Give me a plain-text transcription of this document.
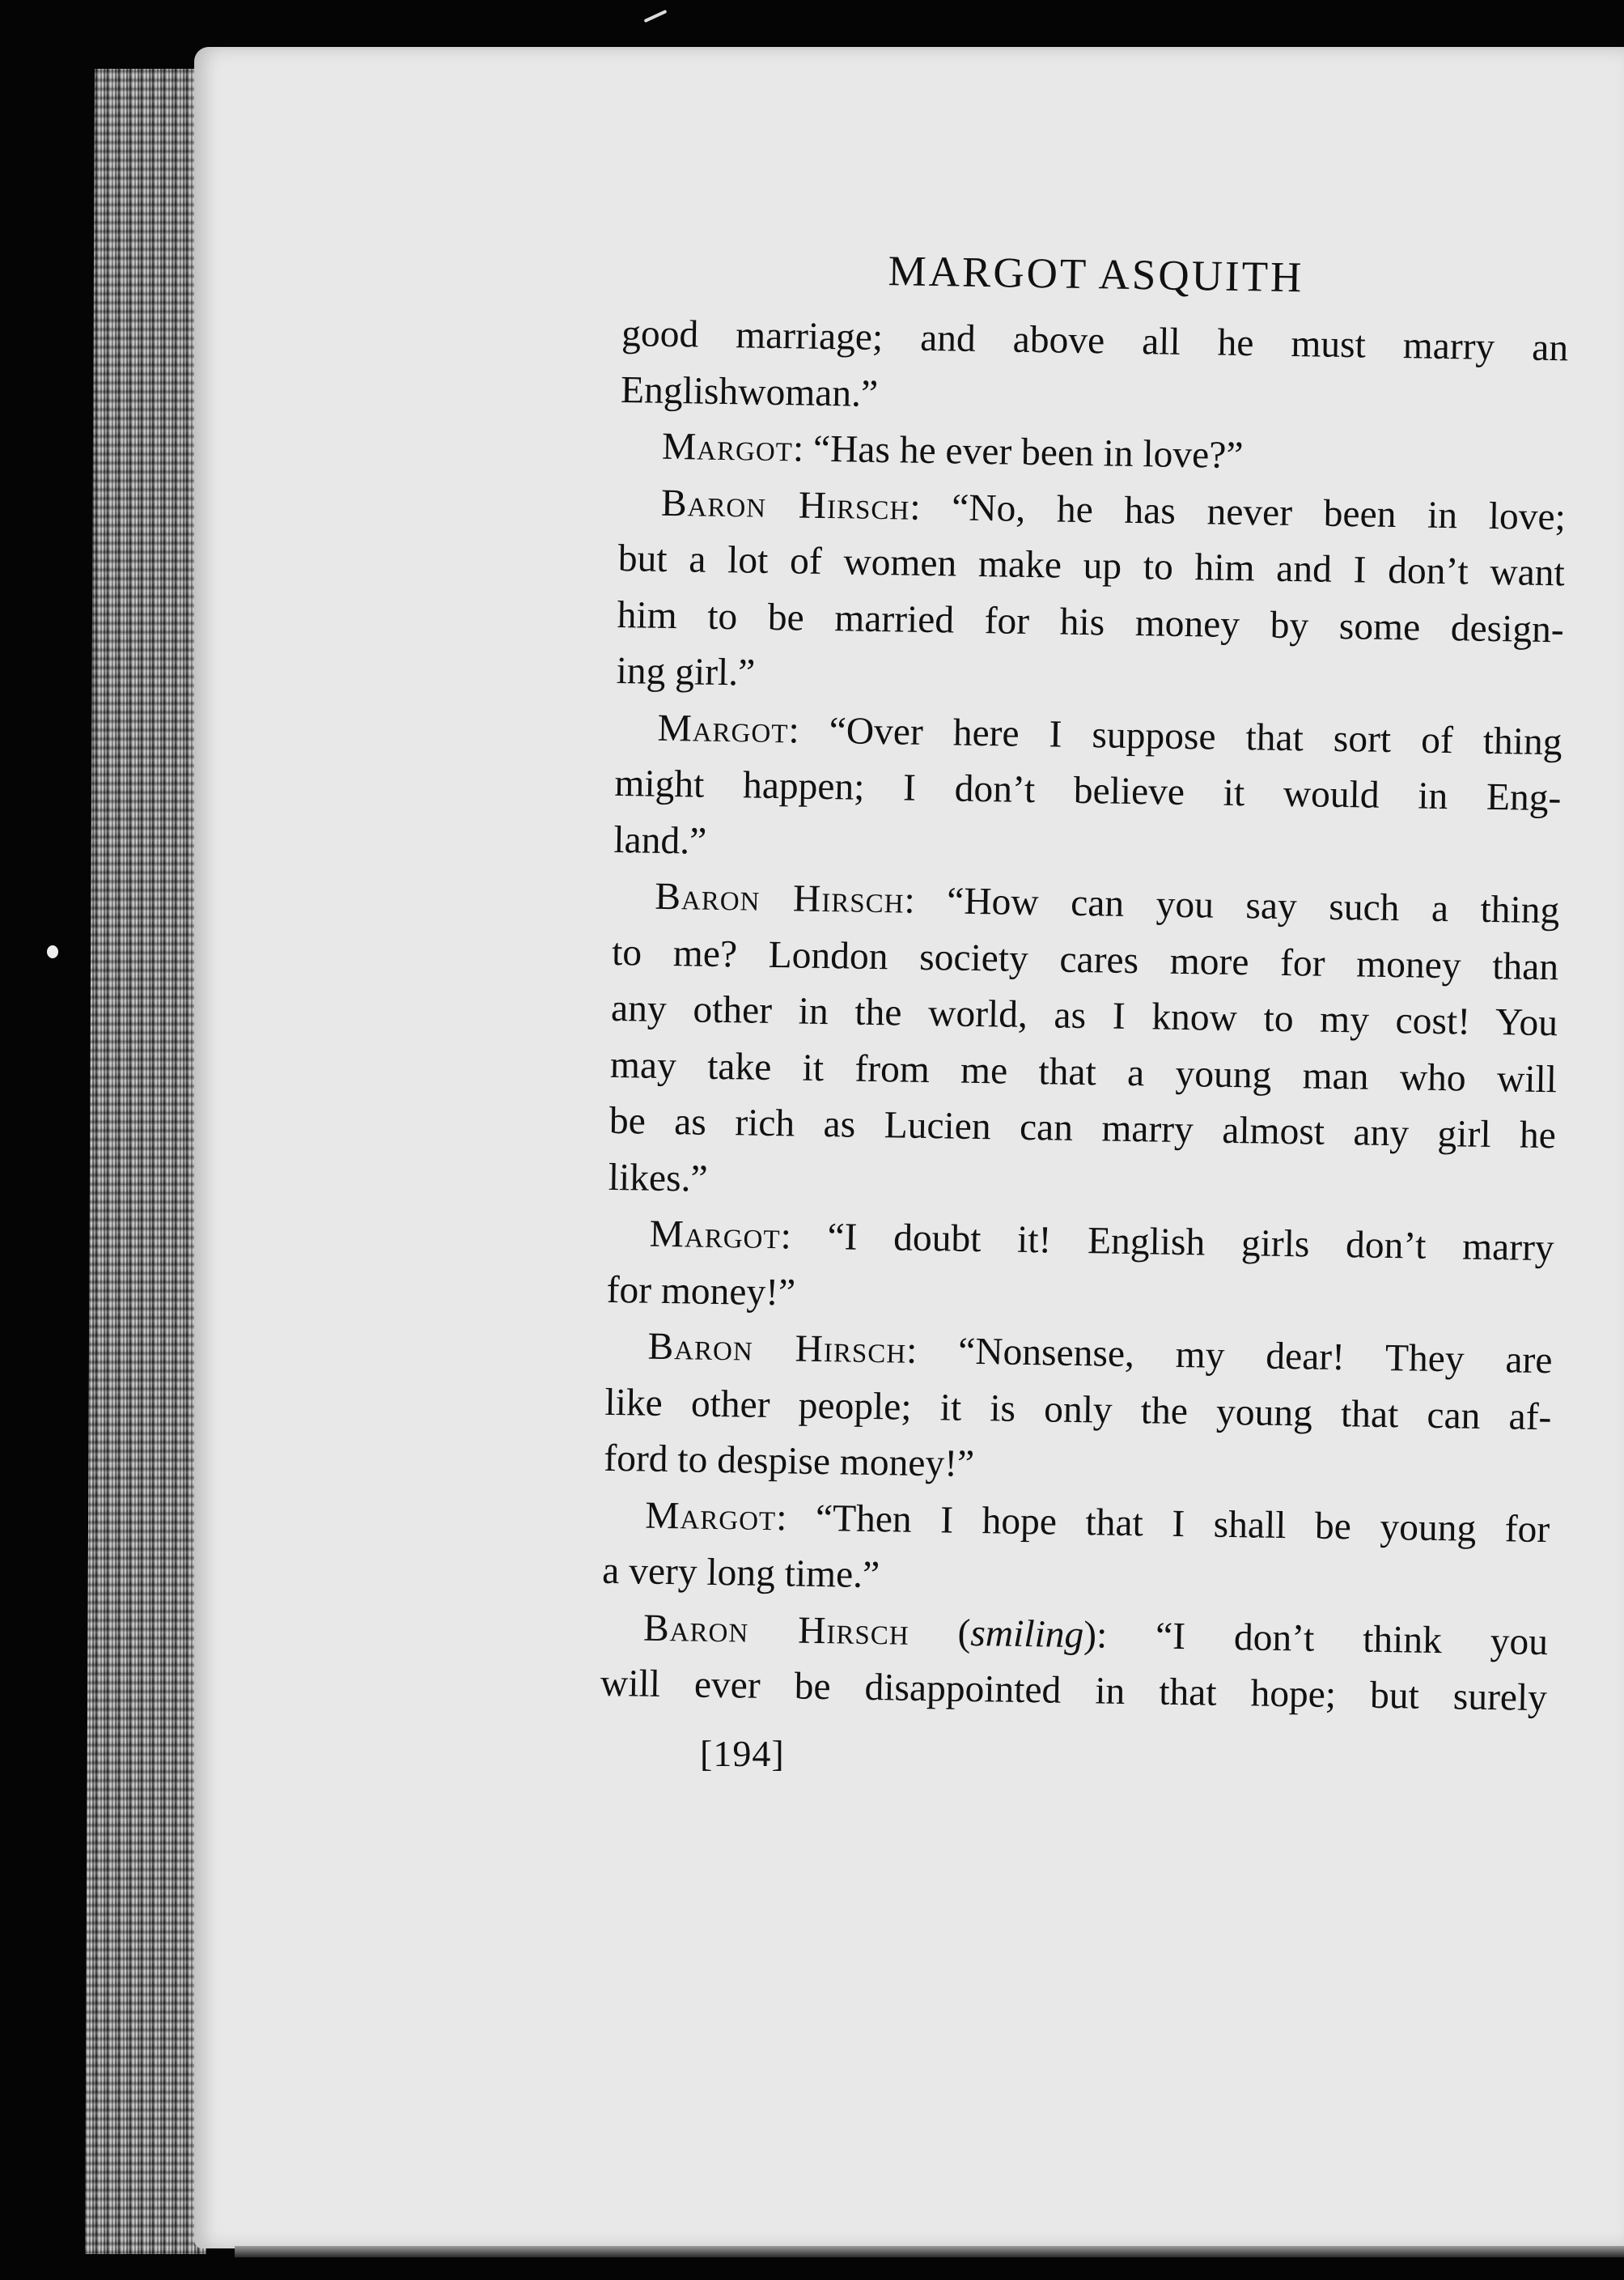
MARGOT ASQUITH
good marriage; and above all he must marry an
Englishwoman.”
Margot: “Has he ever been in love?”
Baron Hirsch: “No, he has never been in love;
but a lot of women make up to him and I don’t want
him to be married for his money by some design-
ing girl.”
Margot: “Over here I suppose that sort of thing
might happen; I don’t believe it would in Eng-
land.”
Baron Hirsch: “How can you say such a thing
to me? London society cares more for money than
any other in the world, as I know to my cost! You
may take it from me that a young man who will
be as rich as Lucien can marry almost any girl he
likes.”
Margot: “I doubt it! English girls don’t marry
for money!”
Baron Hirsch: “Nonsense, my dear! They are
like other people; it is only the young that can af-
ford to despise money!”
Margot: “Then I hope that I shall be young for
a very long time.”
Baron Hirsch (smiling): “I don’t think you
will ever be disappointed in that hope; but surely
[194]
